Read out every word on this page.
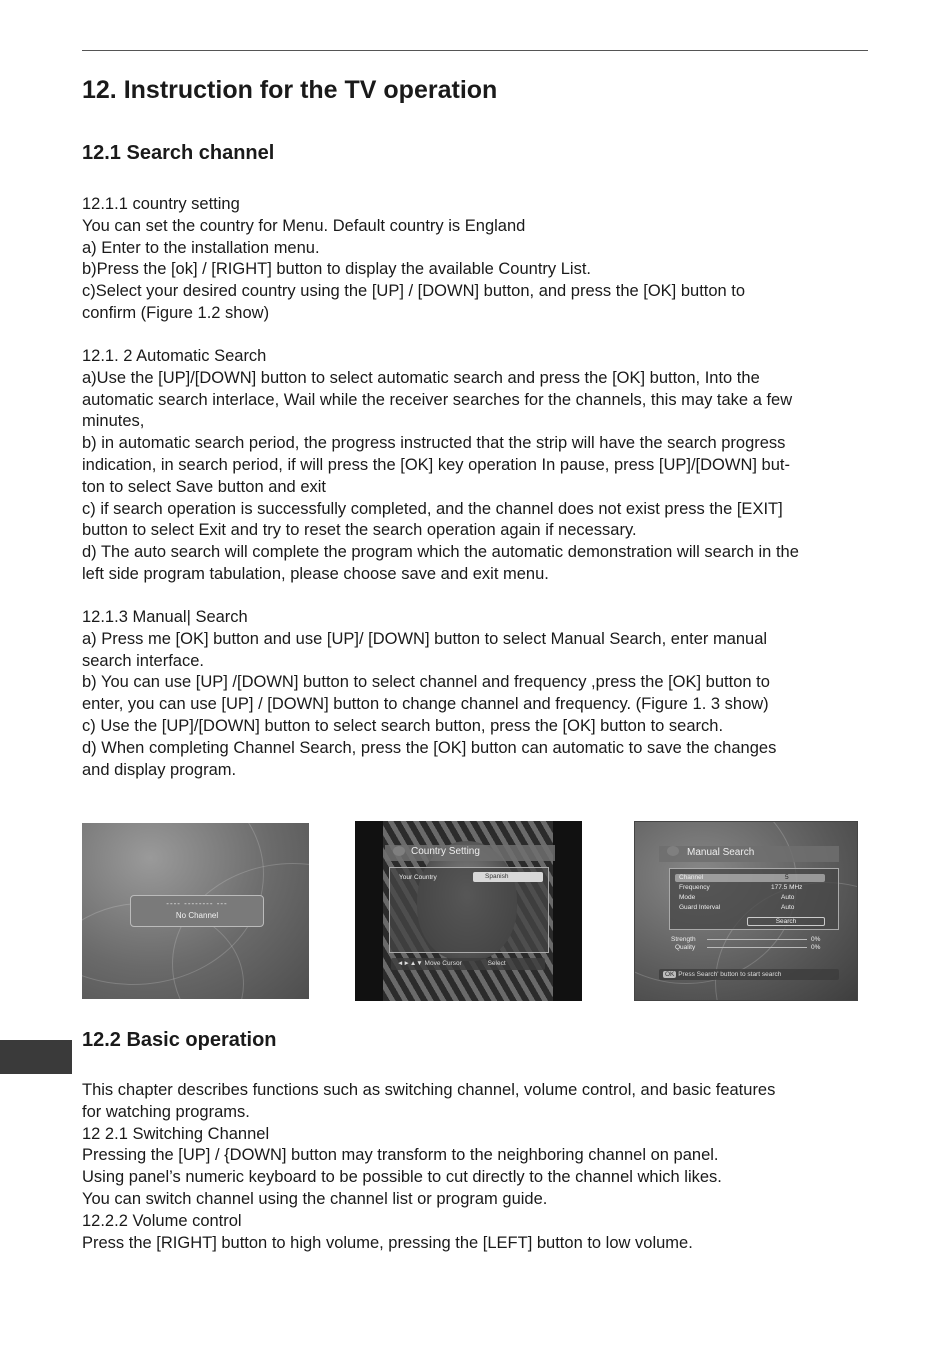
12. Instruction for the TV operation
12.1 Search channel

12.1.1 country setting

You can set the country for Menu. Default country is England

a) Enter to the installation menu.

b)Press the [ok] / [RIGHT] button to display the available Country List.

c)Select your desired country using the [UP] / [DOWN] button, and press the [OK] button to

confirm (Figure 1.2 show)

12.1. 2 Automatic Search

a)Use the [UP]/[DOWN] button to select automatic search and press the [OK] button, Into the

automatic search interlace, Wail while the receiver searches for the channels, this may take a few

minutes,

b) in automatic search period, the progress instructed that the strip will have the search progress

indication, in search period, if will press the [OK] key operation In pause, press [UP]/[DOWN] but-

ton to select Save button and exit

c) if search operation is successfully completed, and the channel does not exist press the [EXIT]

button to select Exit and try to reset the search operation again if necessary.

d) The auto search will complete the program which the automatic demonstration will search in the

left side program tabulation, please choose save and exit menu.

12.1.3 Manual| Search

a) Press me [OK] button and use [UP]/ [DOWN] button to select Manual Search, enter manual

search interface.

b) You can use [UP] /[DOWN] button to select channel and frequency ,press the [OK] button to

enter, you can use [UP] / [DOWN] button to change channel and frequency. (Figure 1. 3 show)

c) Use the [UP]/[DOWN] button to select search button, press the [OK] button to search.

d) When completing Channel Search, press the [OK] button can automatic to save the changes

and display program.

---- -------- ---
No Channel
Country Setting
Your Country	Spanish
◄►▲▼ Move Cursor	Select
Manual Search
Channel	5
Frequency	177.5 MHz
Mode	Auto
Guard Interval	Auto
Search
Strength	0%
Quality	0%
OK Press Search' button to start search
12.2 Basic operation

This chapter describes functions such as switching channel, volume control, and basic features

for watching programs.

12 2.1 Switching Channel

Pressing the [UP] / {DOWN] button may transform to the neighboring channel on panel.

Using panel’s numeric keyboard to be possible to cut directly to the channel which likes.

You can switch channel using the channel list or program guide.

12.2.2 Volume control

Press the [RIGHT] button to high volume, pressing the [LEFT] button to low volume.
